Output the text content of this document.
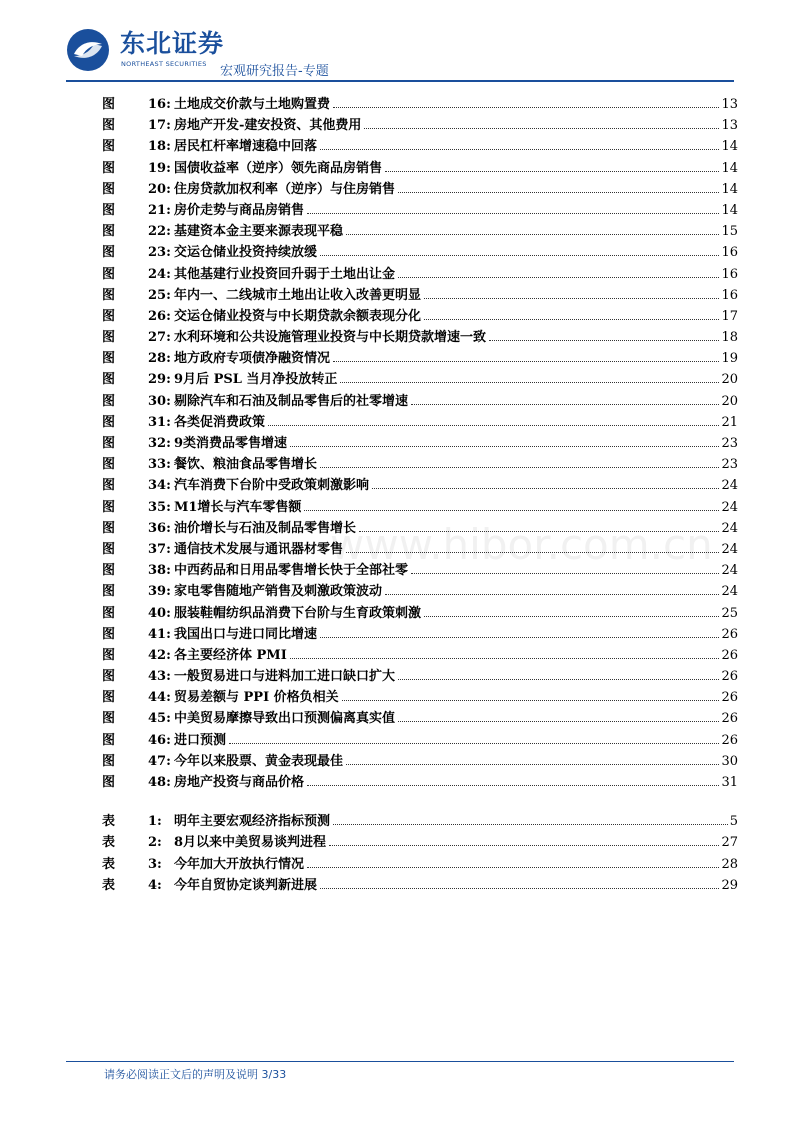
东北证券
NORTHEAST SECURITIES 宏观研究报告-专题
www.hibor.com.cn
图	16: 土地成交价款与土地购置费	13
图	17: 房地产开发-建安投资、其他费用	13
图	18: 居民杠杆率增速稳中回落	14
图	19: 国债收益率（逆序）领先商品房销售	14
图	20: 住房贷款加权利率（逆序）与住房销售	14
图	21: 房价走势与商品房销售	14
图	22: 基建资本金主要来源表现平稳	15
图	23: 交运仓储业投资持续放缓	16
图	24: 其他基建行业投资回升弱于土地出让金	16
图	25: 年内一、二线城市土地出让收入改善更明显	16
图	26: 交运仓储业投资与中长期贷款余额表现分化	17
图	27: 水利环境和公共设施管理业投资与中长期贷款增速一致	18
图	28: 地方政府专项债净融资情况	19
图	29: 9月后 PSL 当月净投放转正	20
图	30: 剔除汽车和石油及制品零售后的社零增速	20
图	31: 各类促消费政策	21
图	32: 9类消费品零售增速	23
图	33: 餐饮、粮油食品零售增长	23
图	34: 汽车消费下台阶中受政策刺激影响	24
图	35: M1增长与汽车零售额	24
图	36: 油价增长与石油及制品零售增长	24
图	37: 通信技术发展与通讯器材零售	24
图	38: 中西药品和日用品零售增长快于全部社零	24
图	39: 家电零售随地产销售及刺激政策波动	24
图	40: 服装鞋帽纺织品消费下台阶与生育政策刺激	25
图	41: 我国出口与进口同比增速	26
图	42: 各主要经济体 PMI	26
图	43: 一般贸易进口与进料加工进口缺口扩大	26
图	44: 贸易差额与 PPI 价格负相关	26
图	45: 中美贸易摩擦导致出口预测偏离真实值	26
图	46: 进口预测	26
图	47: 今年以来股票、黄金表现最佳	30
图	48: 房地产投资与商品价格	31
表	1: 明年主要宏观经济指标预测	5
表	2: 8月以来中美贸易谈判进程	27
表	3: 今年加大开放执行情况	28
表	4: 今年自贸协定谈判新进展	29
请务必阅读正文后的声明及说明 3/33
